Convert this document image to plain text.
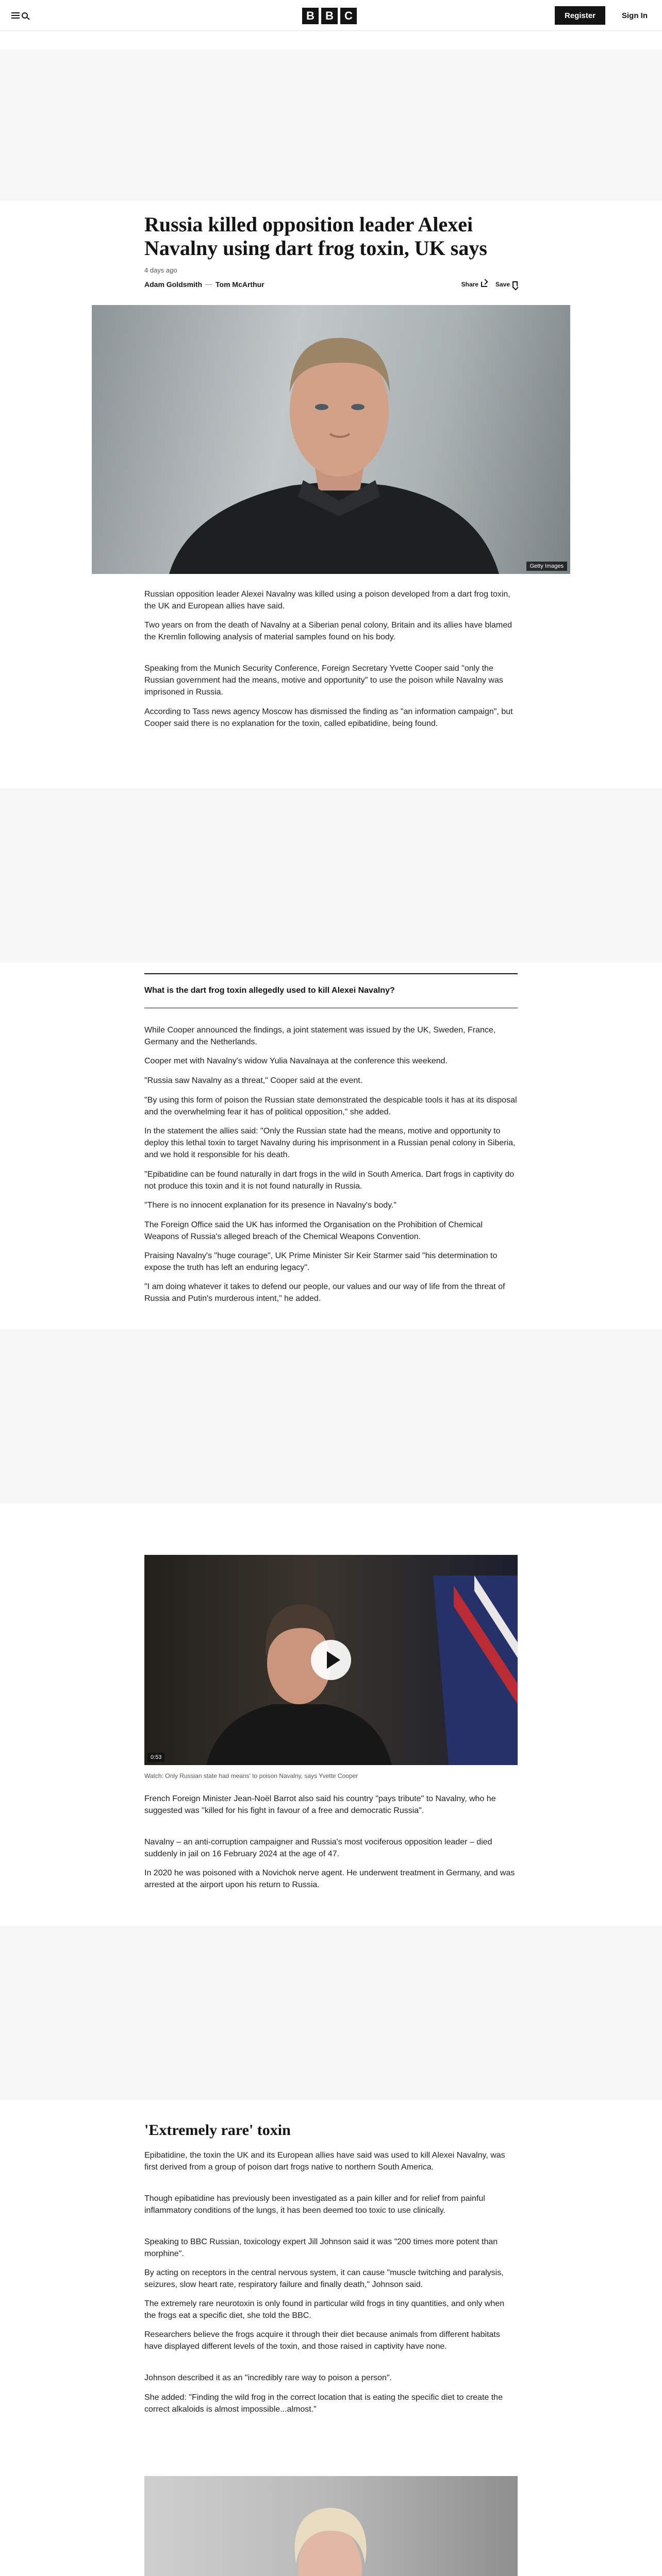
B B C	Register	Sign In
Russia killed opposition leader Alexei Navalny using dart frog toxin, UK says
4 days ago
Adam Goldsmith Tom McArthur	Share	Save
Getty Images

Russian opposition leader Alexei Navalny was killed using a poison developed from a dart frog toxin, the UK and European allies have said.

Two years on from the death of Navalny at a Siberian penal colony, Britain and its allies have blamed the Kremlin following analysis of material samples found on his body.

Speaking from the Munich Security Conference, Foreign Secretary Yvette Cooper said "only the Russian government had the means, motive and opportunity" to use the poison while Navalny was imprisoned in Russia.

According to Tass news agency Moscow has dismissed the finding as "an information campaign", but Cooper said there is no explanation for the toxin, called epibatidine, being found.

What is the dart frog toxin allegedly used to kill Alexei Navalny?

While Cooper announced the findings, a joint statement was issued by the UK, Sweden, France, Germany and the Netherlands.

Cooper met with Navalny's widow Yulia Navalnaya at the conference this weekend.

"Russia saw Navalny as a threat," Cooper said at the event.

"By using this form of poison the Russian state demonstrated the despicable tools it has at its disposal and the overwhelming fear it has of political opposition," she added.

In the statement the allies said: "Only the Russian state had the means, motive and opportunity to deploy this lethal toxin to target Navalny during his imprisonment in a Russian penal colony in Siberia, and we hold it responsible for his death.

"Epibatidine can be found naturally in dart frogs in the wild in South America. Dart frogs in captivity do not produce this toxin and it is not found naturally in Russia.

"There is no innocent explanation for its presence in Navalny's body."

The Foreign Office said the UK has informed the Organisation on the Prohibition of Chemical Weapons of Russia's alleged breach of the Chemical Weapons Convention.

Praising Navalny's "huge courage", UK Prime Minister Sir Keir Starmer said "his determination to expose the truth has left an enduring legacy".

"I am doing whatever it takes to defend our people, our values and our way of life from the threat of Russia and Putin's murderous intent," he added.

0:53
Watch: Only Russian state had means' to poison Navalny, says Yvette Cooper

French Foreign Minister Jean-Noël Barrot also said his country "pays tribute" to Navalny, who he suggested was "killed for his fight in favour of a free and democratic Russia".

Navalny – an anti-corruption campaigner and Russia's most vociferous opposition leader – died suddenly in jail on 16 February 2024 at the age of 47.

In 2020 he was poisoned with a Novichok nerve agent. He underwent treatment in Germany, and was arrested at the airport upon his return to Russia.

'Extremely rare' toxin

Epibatidine, the toxin the UK and its European allies have said was used to kill Alexei Navalny, was first derived from a group of poison dart frogs native to northern South America.

Though epibatidine has previously been investigated as a pain killer and for relief from painful inflammatory conditions of the lungs, it has been deemed too toxic to use clinically.

Speaking to BBC Russian, toxicology expert Jill Johnson said it was "200 times more potent than morphine".

By acting on receptors in the central nervous system, it can cause "muscle twitching and paralysis, seizures, slow heart rate, respiratory failure and finally death," Johnson said.

The extremely rare neurotoxin is only found in particular wild frogs in tiny quantities, and only when the frogs eat a specific diet, she told the BBC.

Researchers believe the frogs acquire it through their diet because animals from different habitats have displayed different levels of the toxin, and those raised in captivity have none.

Johnson described it as an "incredibly rare way to poison a person".

She added: "Finding the wild frog in the correct location that is eating the specific diet to create the correct alkaloids is almost impossible...almost."
